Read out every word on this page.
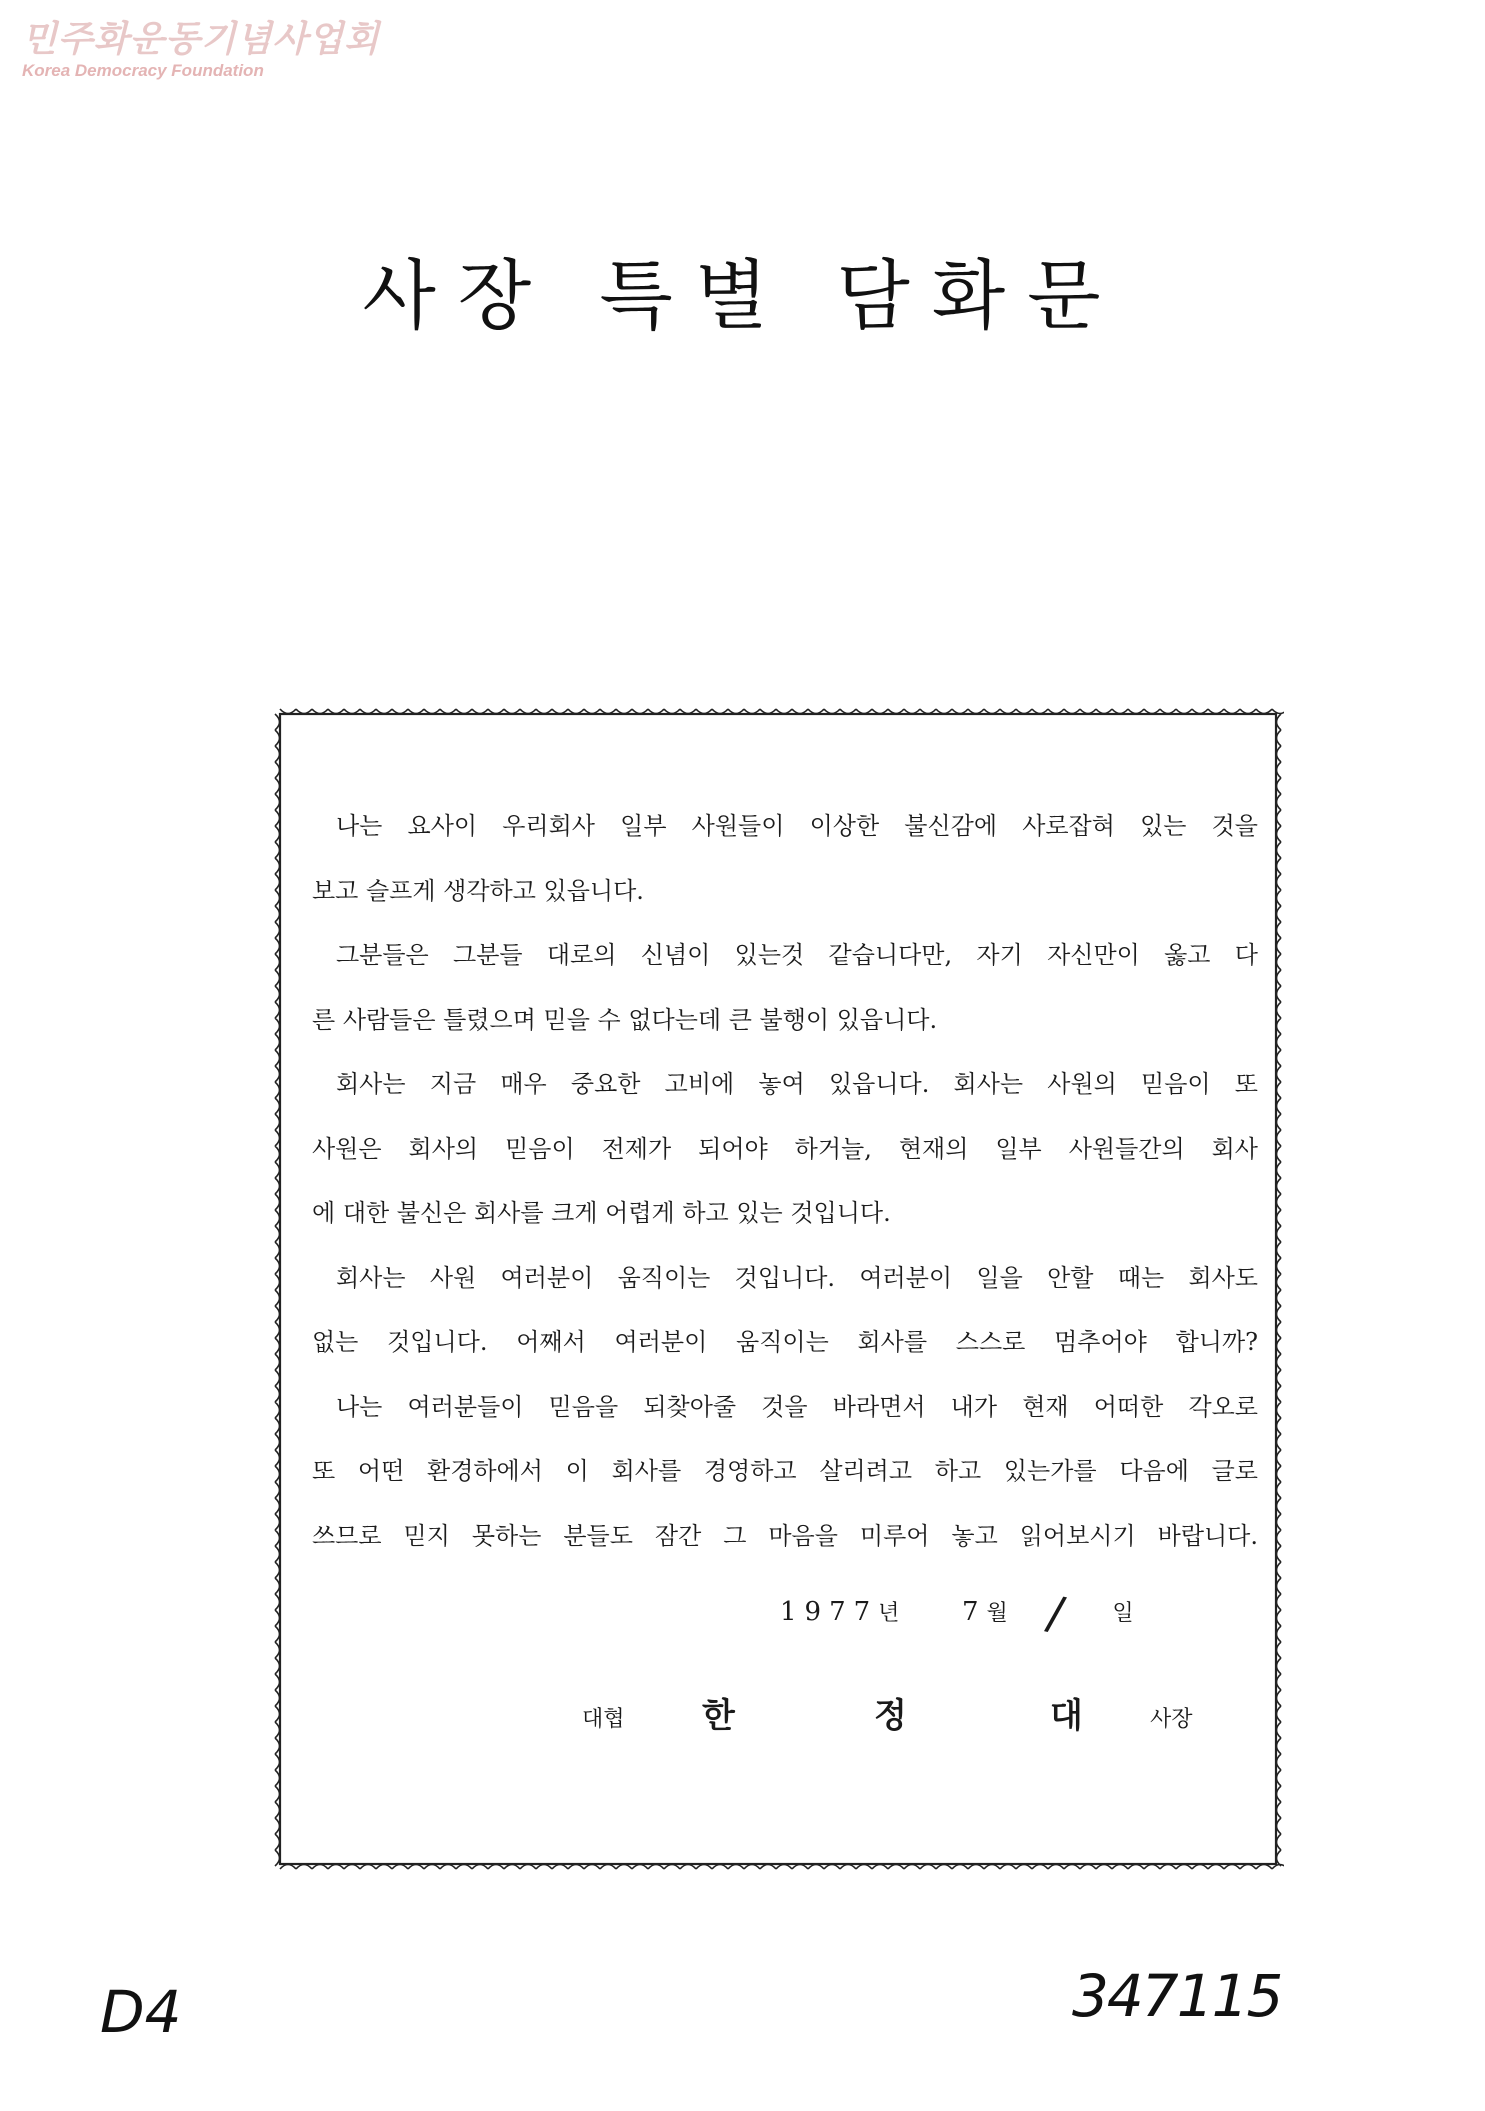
민주화운동기념사업회
Korea Democracy Foundation
사장 특별 담화문
나는 요사이 우리회사 일부 사원들이 이상한 불신감에 사로잡혀 있는 것을
보고 슬프게 생각하고 있읍니다.
그분들은 그분들 대로의 신념이 있는것 같습니다만, 자기 자신만이 옳고 다
른 사람들은 틀렸으며 믿을 수 없다는데 큰 불행이 있읍니다.
회사는 지금 매우 중요한 고비에 놓여 있읍니다. 회사는 사원의 믿음이 또
사원은 회사의 믿음이 전제가 되어야 하거늘, 현재의 일부 사원들간의 회사
에 대한 불신은 회사를 크게 어렵게 하고 있는 것입니다.
회사는 사원 여러분이 움직이는 것입니다. 여러분이 일을 안할 때는 회사도
없는 것입니다. 어째서 여러분이 움직이는 회사를 스스로 멈추어야 합니까?
나는 여러분들이 믿음을 되찾아줄 것을 바라면서 내가 현재 어떠한 각오로
또 어떤 환경하에서 이 회사를 경영하고 살리려고 하고 있는가를 다음에 글로
쓰므로 믿지 못하는 분들도 잠간 그 마음을 미루어 놓고 읽어보시기 바랍니다.
1977년 7월	일
/
대협 한	정	대	사장
D4	347115
